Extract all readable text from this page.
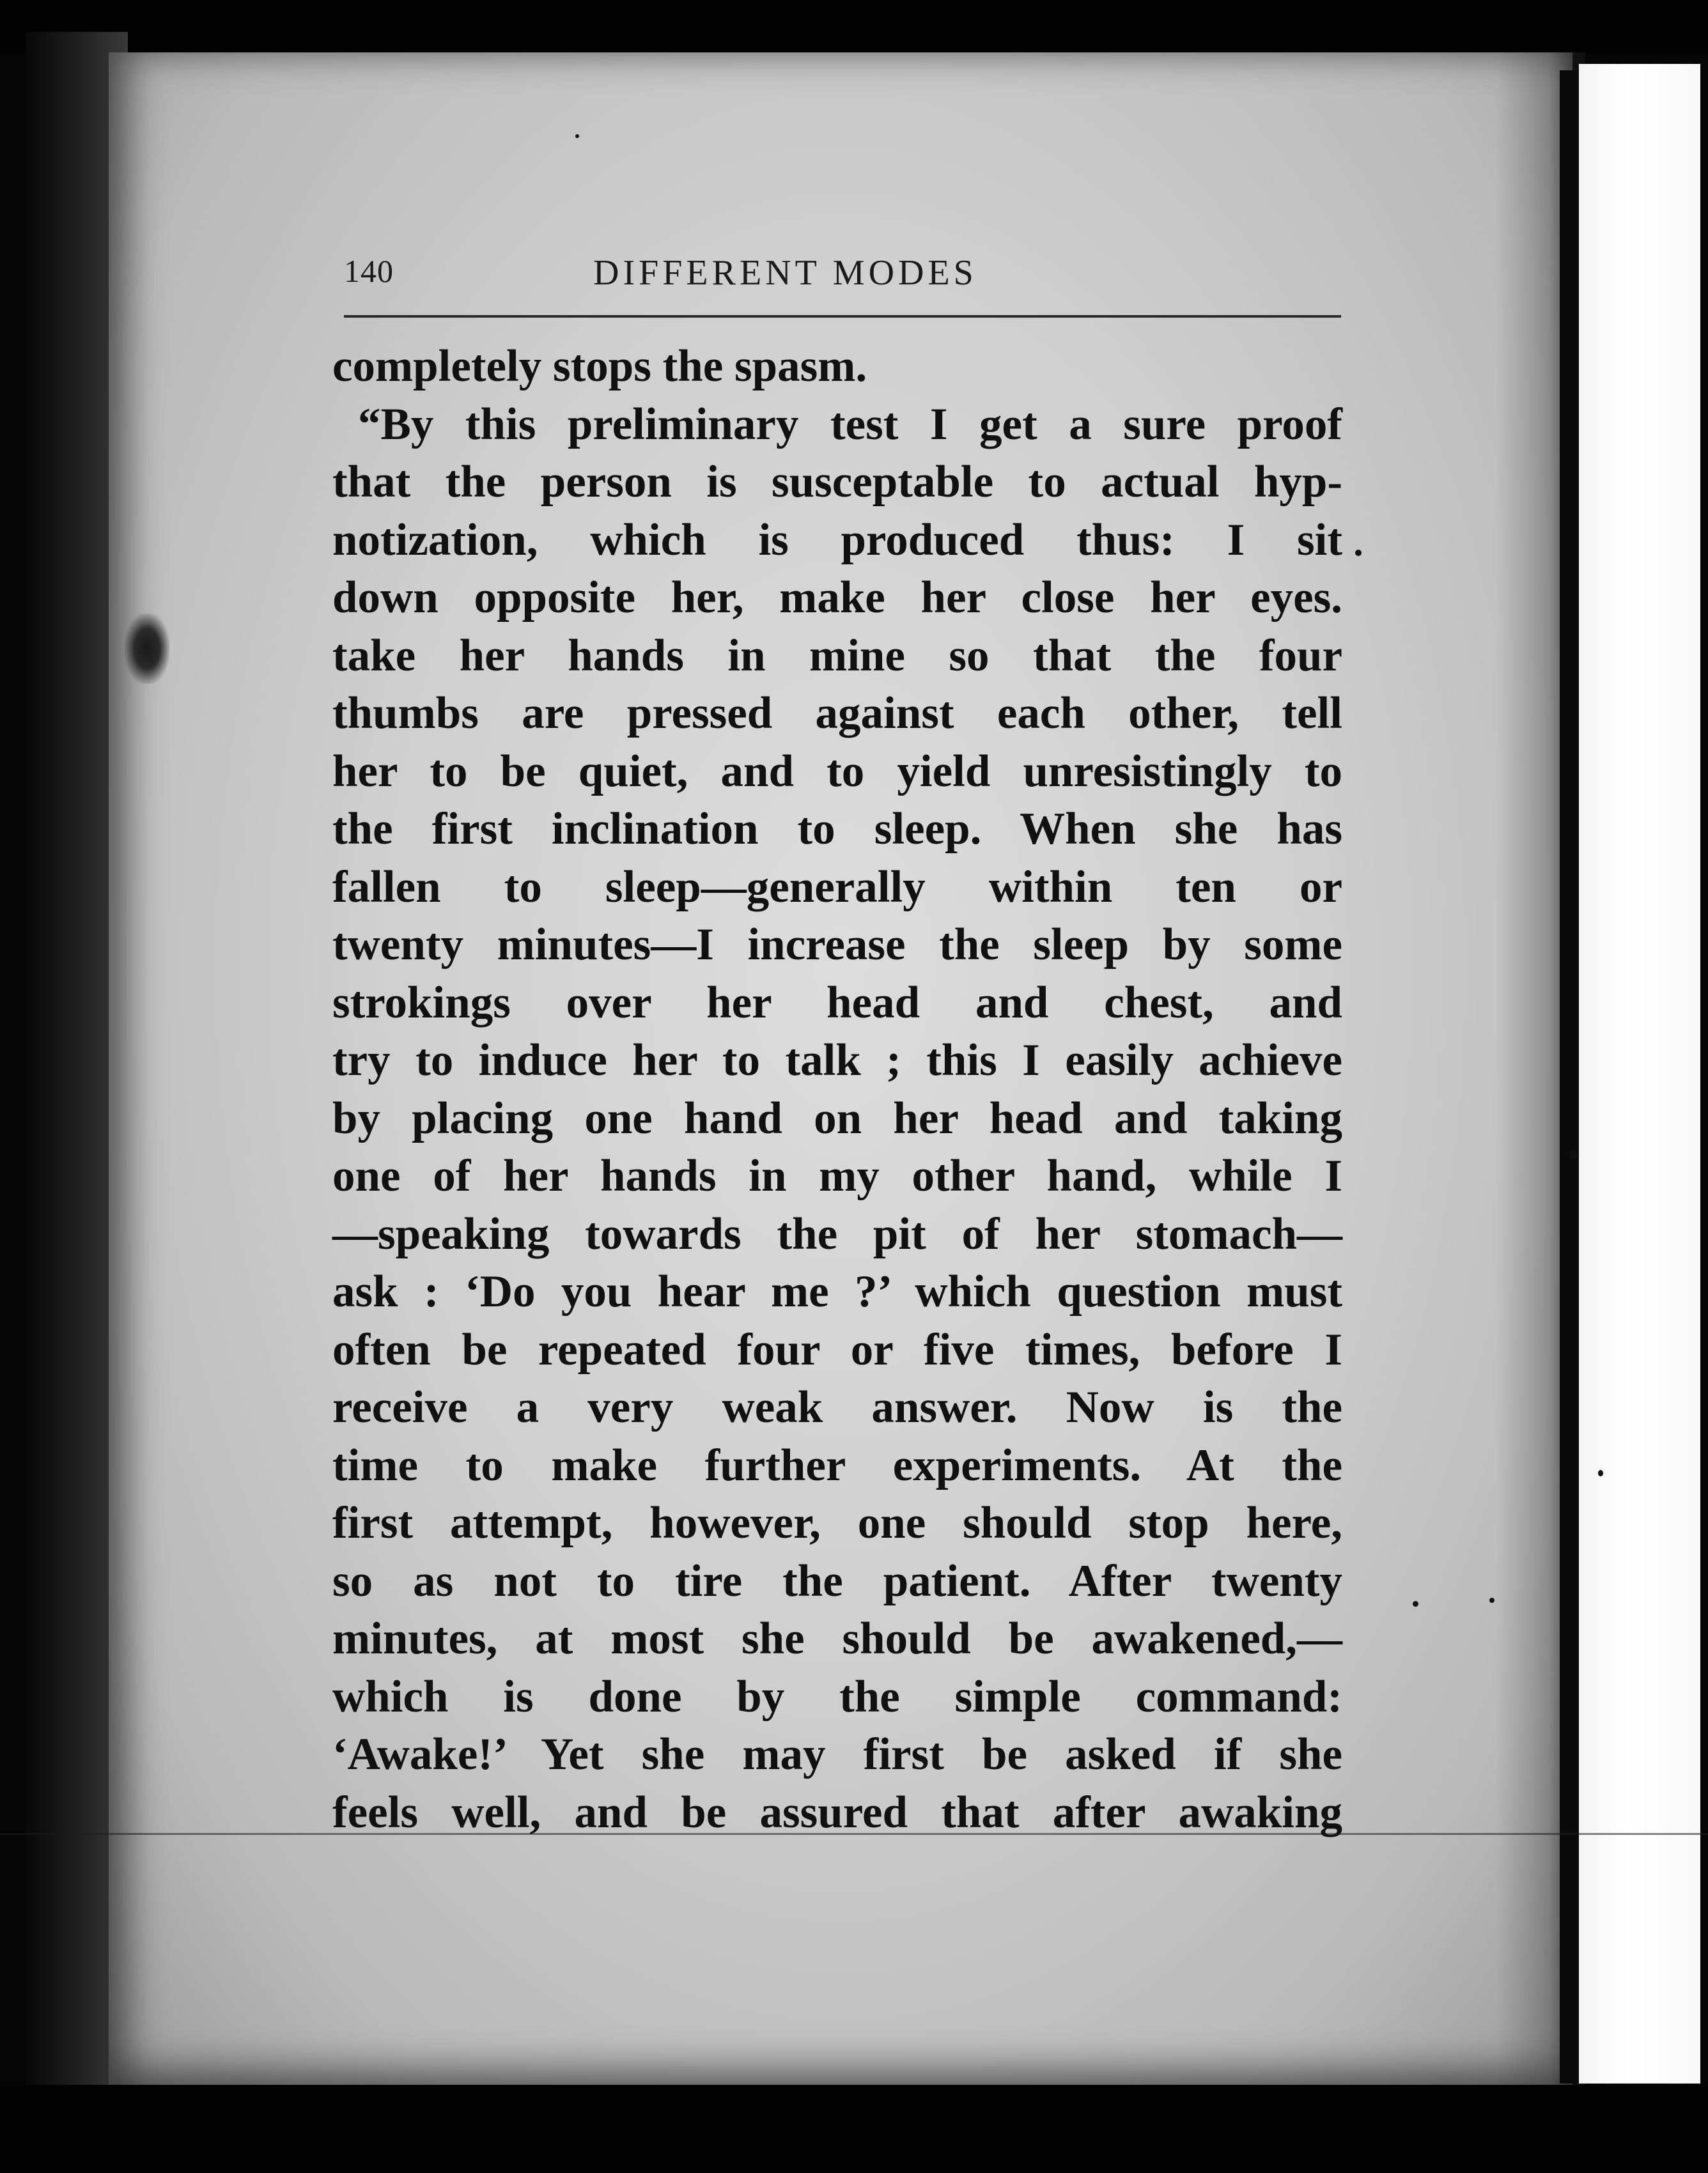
140	DIFFERENT MODES
completely stops the spasm.
“By this preliminary test I get a sure proof
that the person is susceptable to actual hyp-
notization, which is produced thus: I sit
down opposite her, make her close her eyes.
take her hands in mine so that the four
thumbs are pressed against each other, tell
her to be quiet, and to yield unresistingly to
the first inclination to sleep. When she has
fallen to sleep—generally within ten or
twenty minutes—I increase the sleep by some
strokings over her head and chest, and
try to induce her to talk ; this I easily achieve
by placing one hand on her head and taking
one of her hands in my other hand, while I
—speaking towards the pit of her stomach—
ask : ‘Do you hear me ?’ which question must
often be repeated four or five times, before I
receive a very weak answer. Now is the
time to make further experiments. At the
first attempt, however, one should stop here,
so as not to tire the patient. After twenty
minutes, at most she should be awakened,—
which is done by the simple command:
‘Awake!’ Yet she may first be asked if she
feels well, and be assured that after awaking
